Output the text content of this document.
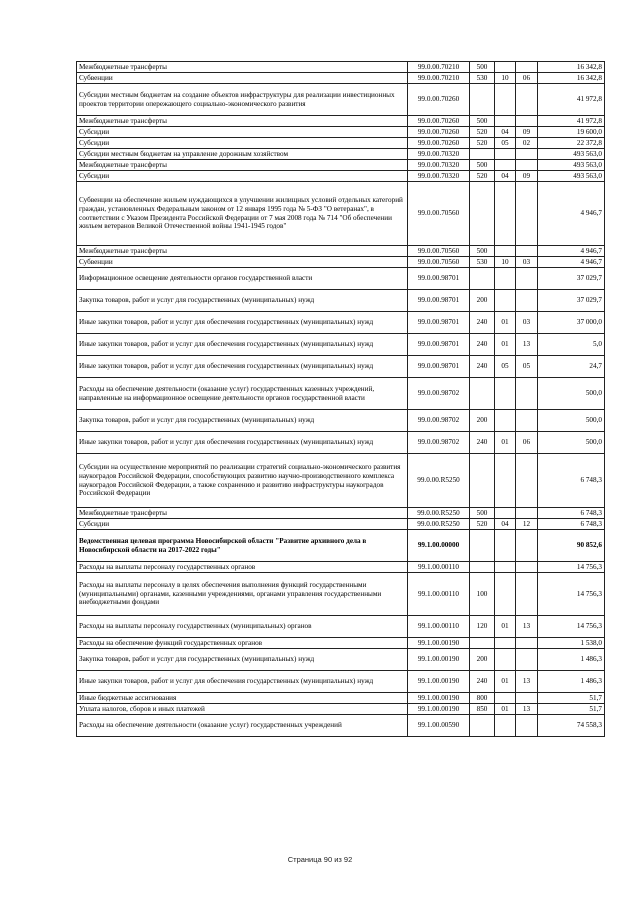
Межбюджетные трансферты	99.0.00.70210	500			16 342,8
Субвенции	99.0.00.70210	530	10	06	16 342,8
Субсидии местным бюджетам на создание объектов инфраструктуры для реализации инвестиционных проектов территории опережающего социально-экономического развития	99.0.00.70260				41 972,8
Межбюджетные трансферты	99.0.00.70260	500			41 972,8
Субсидии	99.0.00.70260	520	04	09	19 600,0
Субсидии	99.0.00.70260	520	05	02	22 372,8
Субсидии местным бюджетам на управление дорожным хозяйством	99.0.00.70320				493 563,0
Межбюджетные трансферты	99.0.00.70320	500			493 563,0
Субсидии	99.0.00.70320	520	04	09	493 563,0
Субвенции на обеспечение жильем нуждающихся в улучшении жилищных условий отдельных категорий граждан, установленных Федеральным законом от 12 января 1995 года № 5-ФЗ "О ветеранах", в соответствии с Указом Президента Российской Федерации от 7 мая 2008 года № 714 "Об обеспечении жильем ветеранов Великой Отечественной войны 1941-1945 годов"	99.0.00.70560				4 946,7
Межбюджетные трансферты	99.0.00.70560	500			4 946,7
Субвенции	99.0.00.70560	530	10	03	4 946,7
Информационное освещение деятельности органов государственной власти	99.0.00.98701				37 029,7
Закупка товаров, работ и услуг для государственных (муниципальных) нужд	99.0.00.98701	200			37 029,7
Иные закупки товаров, работ и услуг для обеспечения государственных (муниципальных) нужд	99.0.00.98701	240	01	03	37 000,0
Иные закупки товаров, работ и услуг для обеспечения государственных (муниципальных) нужд	99.0.00.98701	240	01	13	5,0
Иные закупки товаров, работ и услуг для обеспечения государственных (муниципальных) нужд	99.0.00.98701	240	05	05	24,7
Расходы на обеспечение деятельности (оказание услуг) государственных казенных учреждений, направленные на информационное освещение деятельности органов государственной власти	99.0.00.98702				500,0
Закупка товаров, работ и услуг для государственных (муниципальных) нужд	99.0.00.98702	200			500,0
Иные закупки товаров, работ и услуг для обеспечения государственных (муниципальных) нужд	99.0.00.98702	240	01	06	500,0
Субсидии на осуществление мероприятий по реализации стратегий социально-экономического развития наукоградов Российской Федерации, способствующих развитию научно-производственного комплекса наукоградов Российской Федерации, а также сохранению и развитию инфраструктуры наукоградов Российской Федерации	99.0.00.R5250				6 748,3
Межбюджетные трансферты	99.0.00.R5250	500			6 748,3
Субсидии	99.0.00.R5250	520	04	12	6 748,3
Ведомственная целевая программа Новосибирской области "Развитие архивного дела в Новосибирской области на 2017-2022 годы"	99.1.00.00000				90 852,6
Расходы на выплаты персоналу государственных органов	99.1.00.00110				14 756,3
Расходы на выплаты персоналу в целях обеспечения выполнения функций государственными (муниципальными) органами, казенными учреждениями, органами управления государственными внебюджетными фондами	99.1.00.00110	100			14 756,3
Расходы на выплаты персоналу государственных (муниципальных) органов	99.1.00.00110	120	01	13	14 756,3
Расходы на обеспечение функций государственных органов	99.1.00.00190				1 538,0
Закупка товаров, работ и услуг для государственных (муниципальных) нужд	99.1.00.00190	200			1 486,3
Иные закупки товаров, работ и услуг для обеспечения государственных (муниципальных) нужд	99.1.00.00190	240	01	13	1 486,3
Иные бюджетные ассигнования	99.1.00.00190	800			51,7
Уплата налогов, сборов и иных платежей	99.1.00.00190	850	01	13	51,7
Расходы на обеспечение деятельности (оказание услуг) государственных учреждений	99.1.00.00590				74 558,3
Страница 90 из 92
